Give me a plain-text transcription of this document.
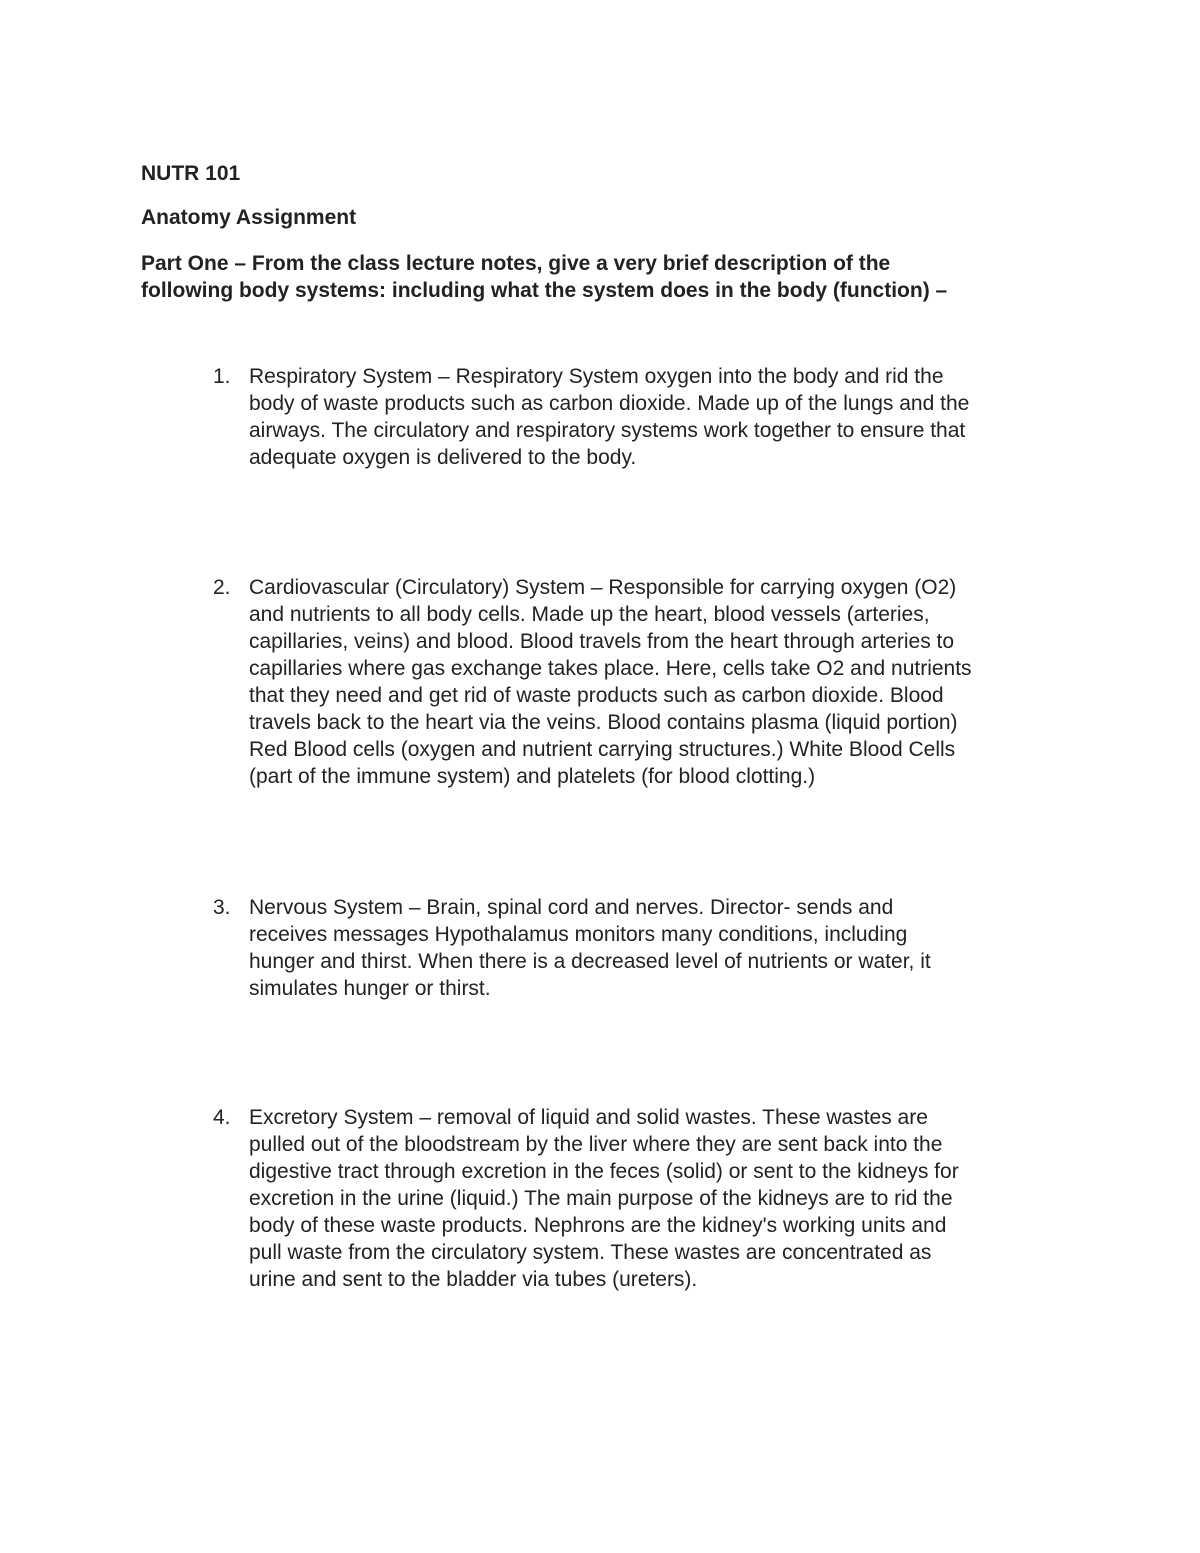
NUTR 101

Anatomy Assignment

Part One – From the class lecture notes, give a very brief description of the
following body systems: including what the system does in the body (function) –
1. Respiratory System – Respiratory System oxygen into the body and rid the
body of waste products such as carbon dioxide. Made up of the lungs and the
airways. The circulatory and respiratory systems work together to ensure that
adequate oxygen is delivered to the body.
2. Cardiovascular (Circulatory) System – Responsible for carrying oxygen (O2)
and nutrients to all body cells. Made up the heart, blood vessels (arteries,
capillaries, veins) and blood. Blood travels from the heart through arteries to
capillaries where gas exchange takes place. Here, cells take O2 and nutrients
that they need and get rid of waste products such as carbon dioxide. Blood
travels back to the heart via the veins. Blood contains plasma (liquid portion)
Red Blood cells (oxygen and nutrient carrying structures.) White Blood Cells
(part of the immune system) and platelets (for blood clotting.)
3. Nervous System – Brain, spinal cord and nerves. Director- sends and
receives messages Hypothalamus monitors many conditions, including
hunger and thirst. When there is a decreased level of nutrients or water, it
simulates hunger or thirst.
4. Excretory System – removal of liquid and solid wastes. These wastes are
pulled out of the bloodstream by the liver where they are sent back into the
digestive tract through excretion in the feces (solid) or sent to the kidneys for
excretion in the urine (liquid.) The main purpose of the kidneys are to rid the
body of these waste products. Nephrons are the kidney's working units and
pull waste from the circulatory system. These wastes are concentrated as
urine and sent to the bladder via tubes (ureters).
